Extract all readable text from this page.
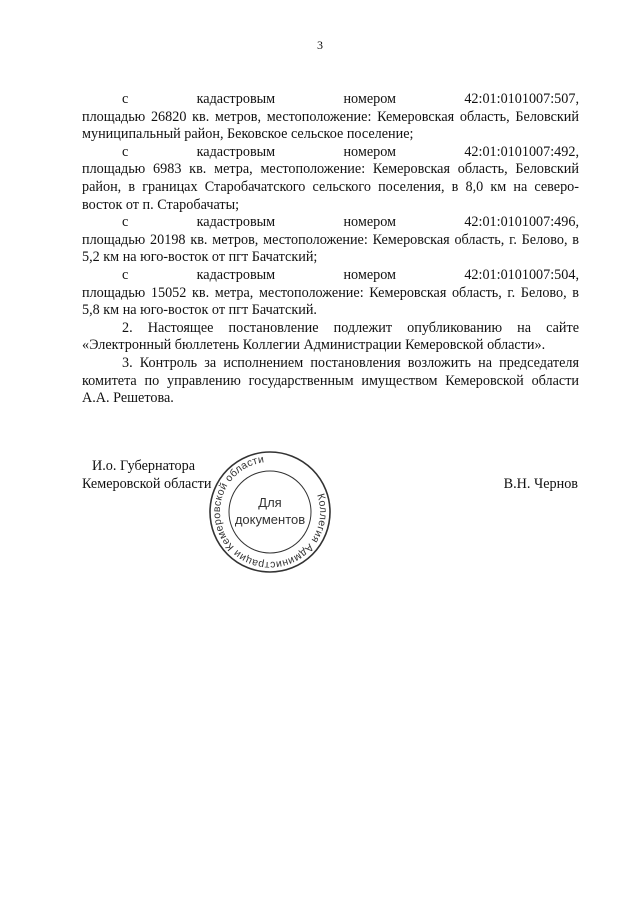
3

с	кадастровым	номером	42:01:0101007:507,

площадью 26820 кв. метров, местоположение: Кемеровская область, Беловский муниципальный район, Бековское сельское поселение;

с	кадастровым	номером	42:01:0101007:492,

площадью 6983 кв. метра, местоположение: Кемеровская область, Беловский район, в границах Старобачатского сельского поселения, в 8,0 км на северо-восток от п. Старобачаты;

с	кадастровым	номером	42:01:0101007:496,

площадью 20198 кв. метров, местоположение: Кемеровская область, г. Белово, в 5,2 км на юго-восток от пгт Бачатский;

с	кадастровым	номером	42:01:0101007:504,

площадью 15052 кв. метра, местоположение: Кемеровская область, г. Белово, в 5,8 км на юго-восток от пгт Бачатский.

2. Настоящее постановление подлежит опубликованию на сайте «Электронный бюллетень Коллегии Администрации Кемеровской области».

3. Контроль за исполнением постановления возложить на председателя комитета по управлению государственным имуществом Кемеровской области А.А. Решетова.

И.о. Губернатора
Кемеровской области
Коллегия Администрации Кемеровской области
Для
документов
В.Н. Чернов
